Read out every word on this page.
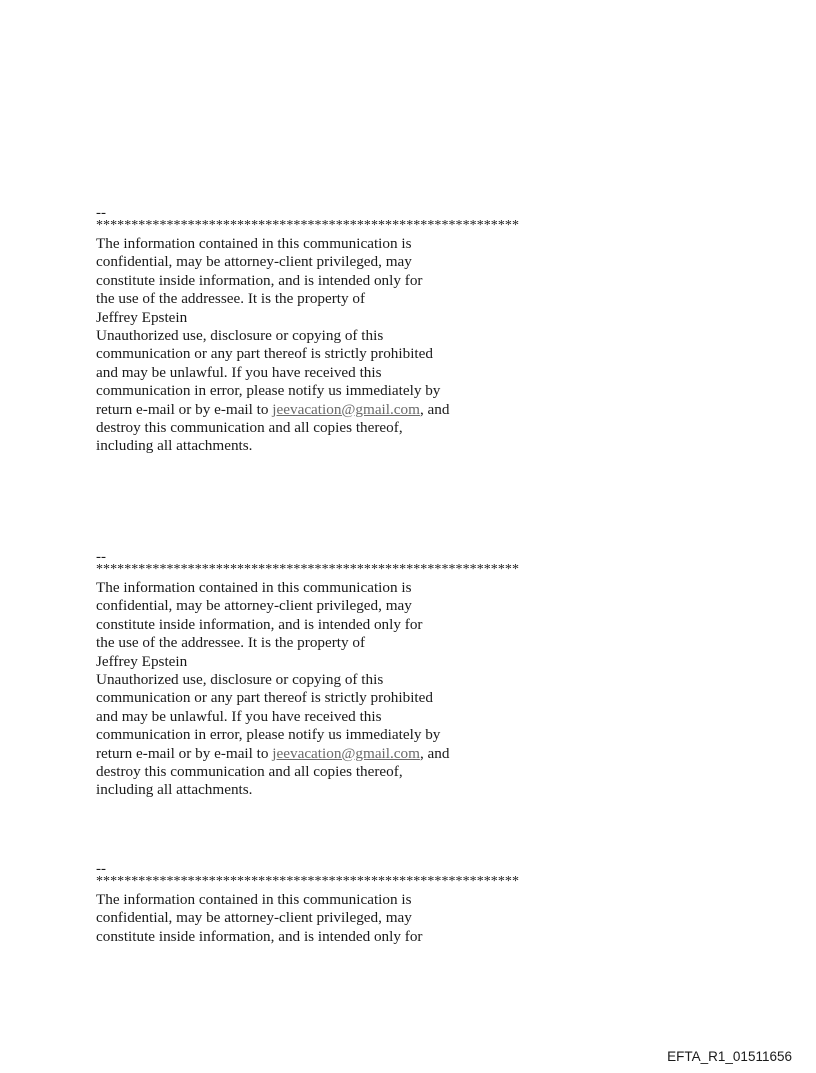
--
************************************************************
The information contained in this communication is
confidential, may be attorney-client privileged, may
constitute inside information, and is intended only for
the use of the addressee. It is the property of
Jeffrey Epstein
Unauthorized use, disclosure or copying of this
communication or any part thereof is strictly prohibited
and may be unlawful. If you have received this
communication in error, please notify us immediately by
return e-mail or by e-mail to jeevacation@gmail.com, and
destroy this communication and all copies thereof,
including all attachments.
--
************************************************************
The information contained in this communication is
confidential, may be attorney-client privileged, may
constitute inside information, and is intended only for
the use of the addressee. It is the property of
Jeffrey Epstein
Unauthorized use, disclosure or copying of this
communication or any part thereof is strictly prohibited
and may be unlawful. If you have received this
communication in error, please notify us immediately by
return e-mail or by e-mail to jeevacation@gmail.com, and
destroy this communication and all copies thereof,
including all attachments.
--
************************************************************
The information contained in this communication is
confidential, may be attorney-client privileged, may
constitute inside information, and is intended only for
EFTA_R1_01511656
